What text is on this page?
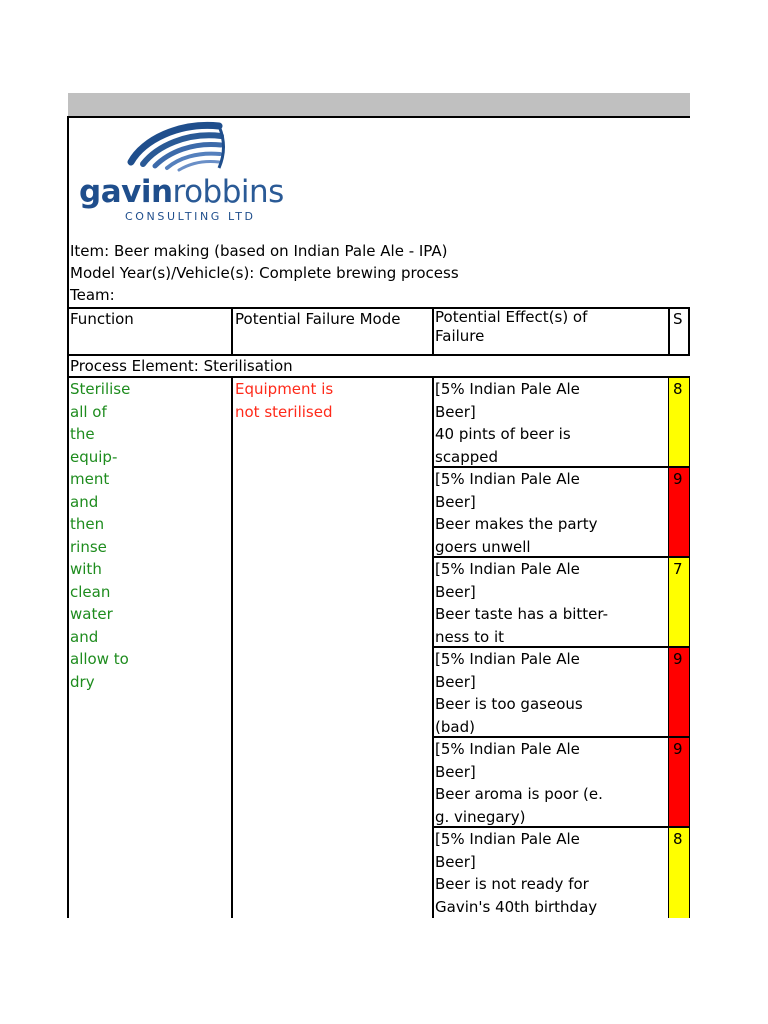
gavinrobbins
CONSULTING LTD
Item: Beer making (based on Indian Pale Ale - IPA)
Model Year(s)/Vehicle(s): Complete brewing process
Team:
Function	Potential Failure Mode Potential Effect(s) of
Failure
S
Process Element: Sterilisation
Sterilise
all of
the
equip-
ment
and
then
rinse
with
clean
water
and
allow to
dry
Equipment is
not sterilised
[5% Indian Pale Ale
Beer]
40 pints of beer is
scapped
8
[5% Indian Pale Ale
Beer]
Beer makes the party
goers unwell
9
[5% Indian Pale Ale
Beer]
Beer taste has a bitter-
ness to it
7
[5% Indian Pale Ale
Beer]
Beer is too gaseous
(bad)
9
[5% Indian Pale Ale
Beer]
Beer aroma is poor (e.
g. vinegary)
9
[5% Indian Pale Ale
Beer]
Beer is not ready for
Gavin's 40th birthday
8
